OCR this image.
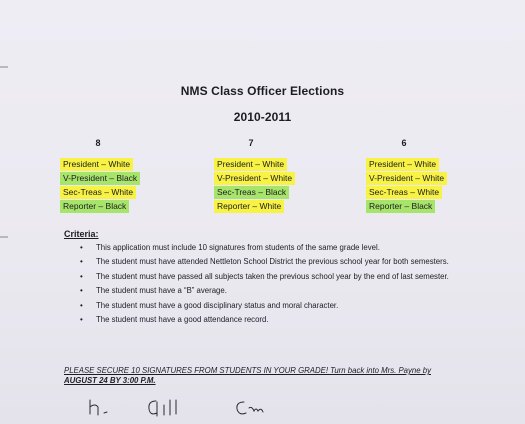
NMS Class Officer Elections
2010-2011
8
President – White
V-President – Black
Sec-Treas – White
Reporter – Black
7
President – White
V-President – White
Sec-Treas – Black
Reporter – White
6
President – White
V-President – White
Sec-Treas – White
Reporter – Black
Criteria:
• This application must include 10 signatures from students of the same grade level.
• The student must have attended Nettleton School District the previous school year for both semesters.
• The student must have passed all subjects taken the previous school year by the end of last semester.
• The student must have a “B” average.
• The student must have a good disciplinary status and moral character.
• The student must have a good attendance record.
PLEASE SECURE 10 SIGNATURES FROM STUDENTS IN YOUR GRADE! Turn back into Mrs. Payne by
AUGUST 24 BY 3:00 P.M.
